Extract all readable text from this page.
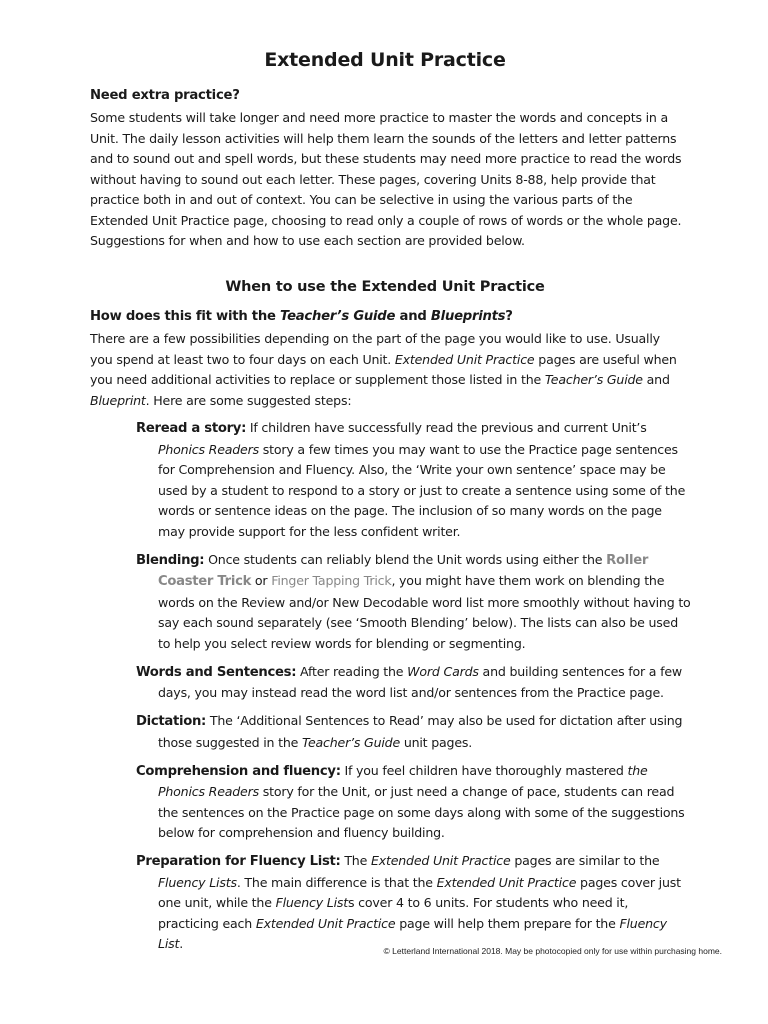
Extended Unit Practice

Need extra practice?

Some students will take longer and need more practice to master the words and concepts in a Unit. The daily lesson activities will help them learn the sounds of the letters and letter patterns and to sound out and spell words, but these students may need more practice to read the words without having to sound out each letter. These pages, covering Units 8-88, help provide that practice both in and out of context. You can be selective in using the various parts of the Extended Unit Practice page, choosing to read only a couple of rows of words or the whole page. Suggestions for when and how to use each section are provided below.

When to use the Extended Unit Practice

How does this fit with the Teacher’s Guide and Blueprints?

There are a few possibilities depending on the part of the page you would like to use. Usually you spend at least two to four days on each Unit. Extended Unit Practice pages are useful when you need additional activities to replace or supplement those listed in the Teacher’s Guide and Blueprint. Here are some suggested steps:

Reread a story: If children have successfully read the previous and current Unit’s Phonics Readers story a few times you may want to use the Practice page sentences for Comprehension and Fluency. Also, the ‘Write your own sentence’ space may be used by a student to respond to a story or just to create a sentence using some of the words or sentence ideas on the page. The inclusion of so many words on the page may provide support for the less confident writer.

Blending: Once students can reliably blend the Unit words using either the Roller Coaster Trick or Finger Tapping Trick, you might have them work on blending the words on the Review and/or New Decodable word list more smoothly without having to say each sound separately (see ‘Smooth Blending’ below). The lists can also be used to help you select review words for blending or segmenting.

Words and Sentences: After reading the Word Cards and building sentences for a few days, you may instead read the word list and/or sentences from the Practice page.

Dictation: The ‘Additional Sentences to Read’ may also be used for dictation after using those suggested in the Teacher’s Guide unit pages.

Comprehension and fluency: If you feel children have thoroughly mastered the Phonics Readers story for the Unit, or just need a change of pace, students can read the sentences on the Practice page on some days along with some of the suggestions below for comprehension and fluency building.

Preparation for Fluency List: The Extended Unit Practice pages are similar to the Fluency Lists. The main difference is that the Extended Unit Practice pages cover just one unit, while the Fluency Lists cover 4 to 6 units. For students who need it, practicing each Extended Unit Practice page will help them prepare for the Fluency List.	© Letterland International 2018. May be photocopied only for use within purchasing home.
